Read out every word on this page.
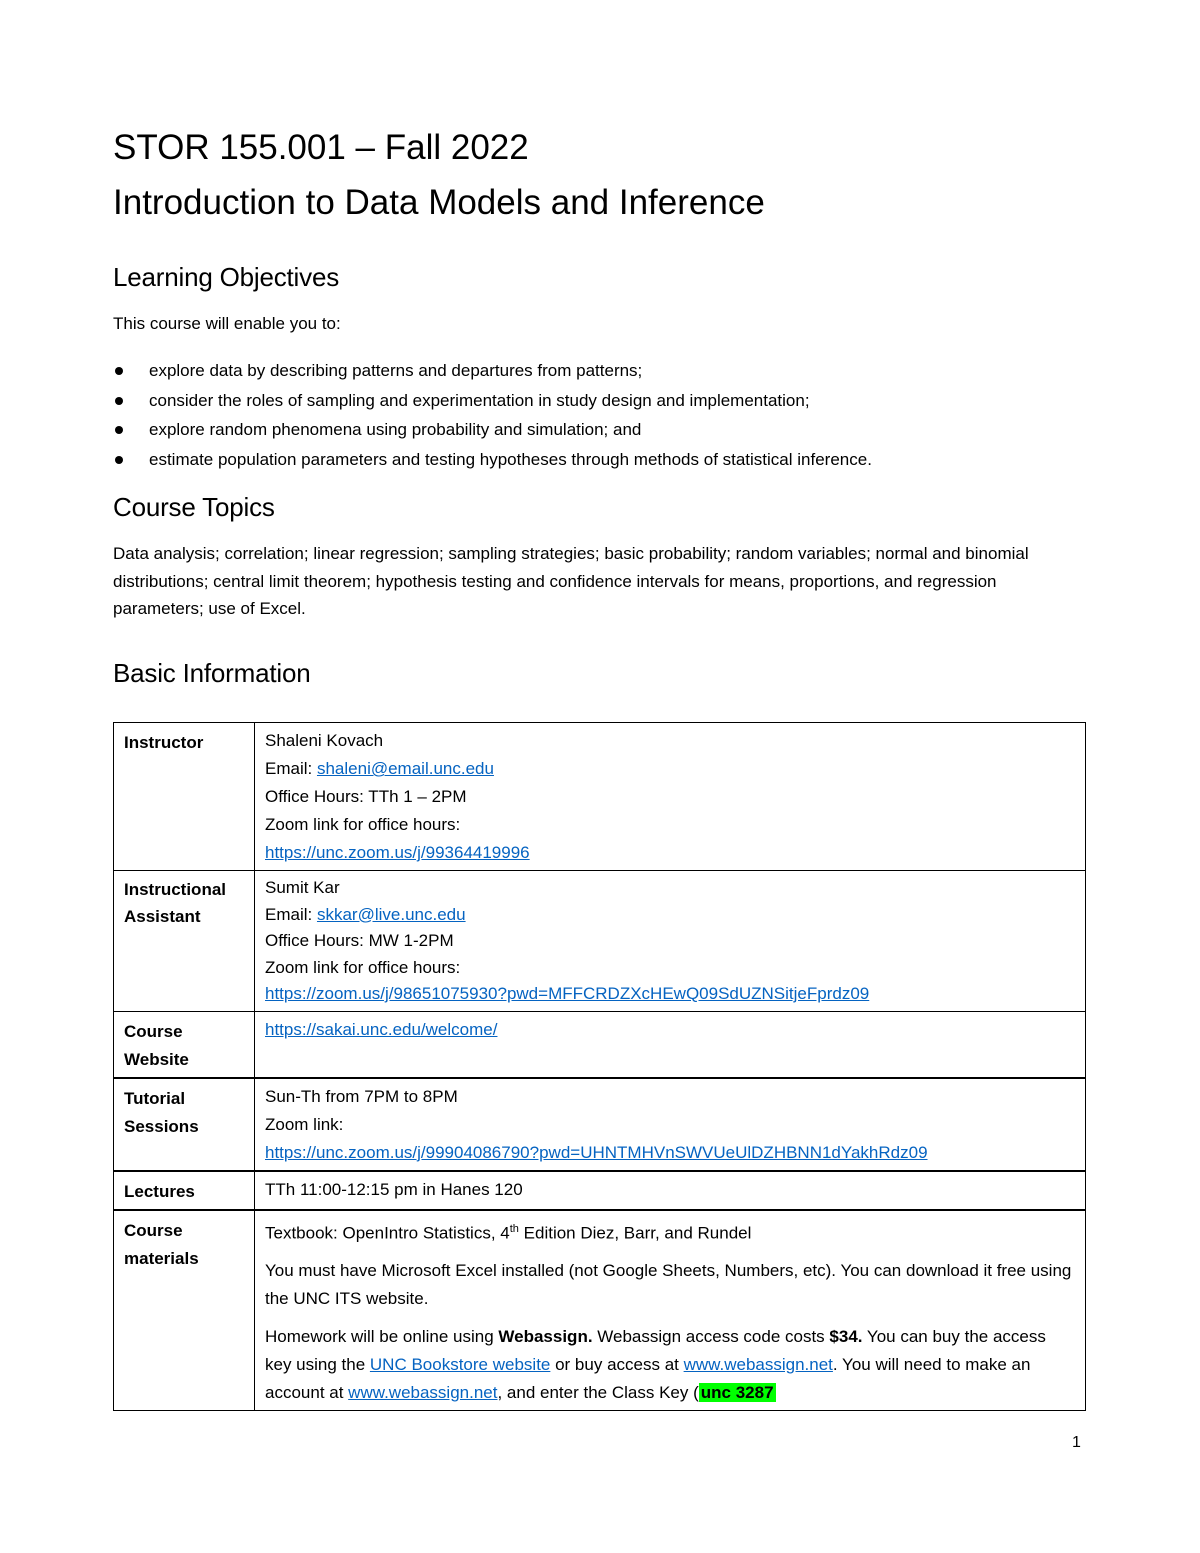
STOR 155.001 – Fall 2022
Introduction to Data Models and Inference
Learning Objectives

This course will enable you to:

explore data by describing patterns and departures from patterns;
consider the roles of sampling and experimentation in study design and implementation;
explore random phenomena using probability and simulation; and
estimate population parameters and testing hypotheses through methods of statistical inference.
Course Topics

Data analysis; correlation; linear regression; sampling strategies; basic probability; random variables; normal and binomial distributions; central limit theorem; hypothesis testing and confidence intervals for means, proportions, and regression parameters; use of Excel.

Basic Information
Instructor	Shaleni Kovach
Email: shaleni@email.unc.edu
Office Hours: TTh 1 – 2PM
Zoom link for office hours:
https://unc.zoom.us/j/99364419996

Instructional Assistant	Sumit Kar
Email: skkar@live.unc.edu
Office Hours: MW 1-2PM
Zoom link for office hours:
https://zoom.us/j/98651075930?pwd=MFFCRDZXcHEwQ09SdUZNSitjeFprdz09

Course Website	https://sakai.unc.edu/welcome/
Tutorial Sessions	Sun-Th from 7PM to 8PM
Zoom link:
https://unc.zoom.us/j/99904086790?pwd=UHNTMHVnSWVUeUlDZHBNN1dYakhRdz09

Lectures	TTh 11:00-12:15 pm in Hanes 120
Course materials	Textbook: OpenIntro Statistics, 4th Edition Diez, Barr, and Rundel
You must have Microsoft Excel installed (not Google Sheets, Numbers, etc). You can download it free using the UNC ITS website.
Homework will be online using Webassign. Webassign access code costs $34. You can buy the access key using the UNC Bookstore website or buy access at www.webassign.net. You will need to make an account at www.webassign.net, and enter the Class Key ( unc 3287
1
